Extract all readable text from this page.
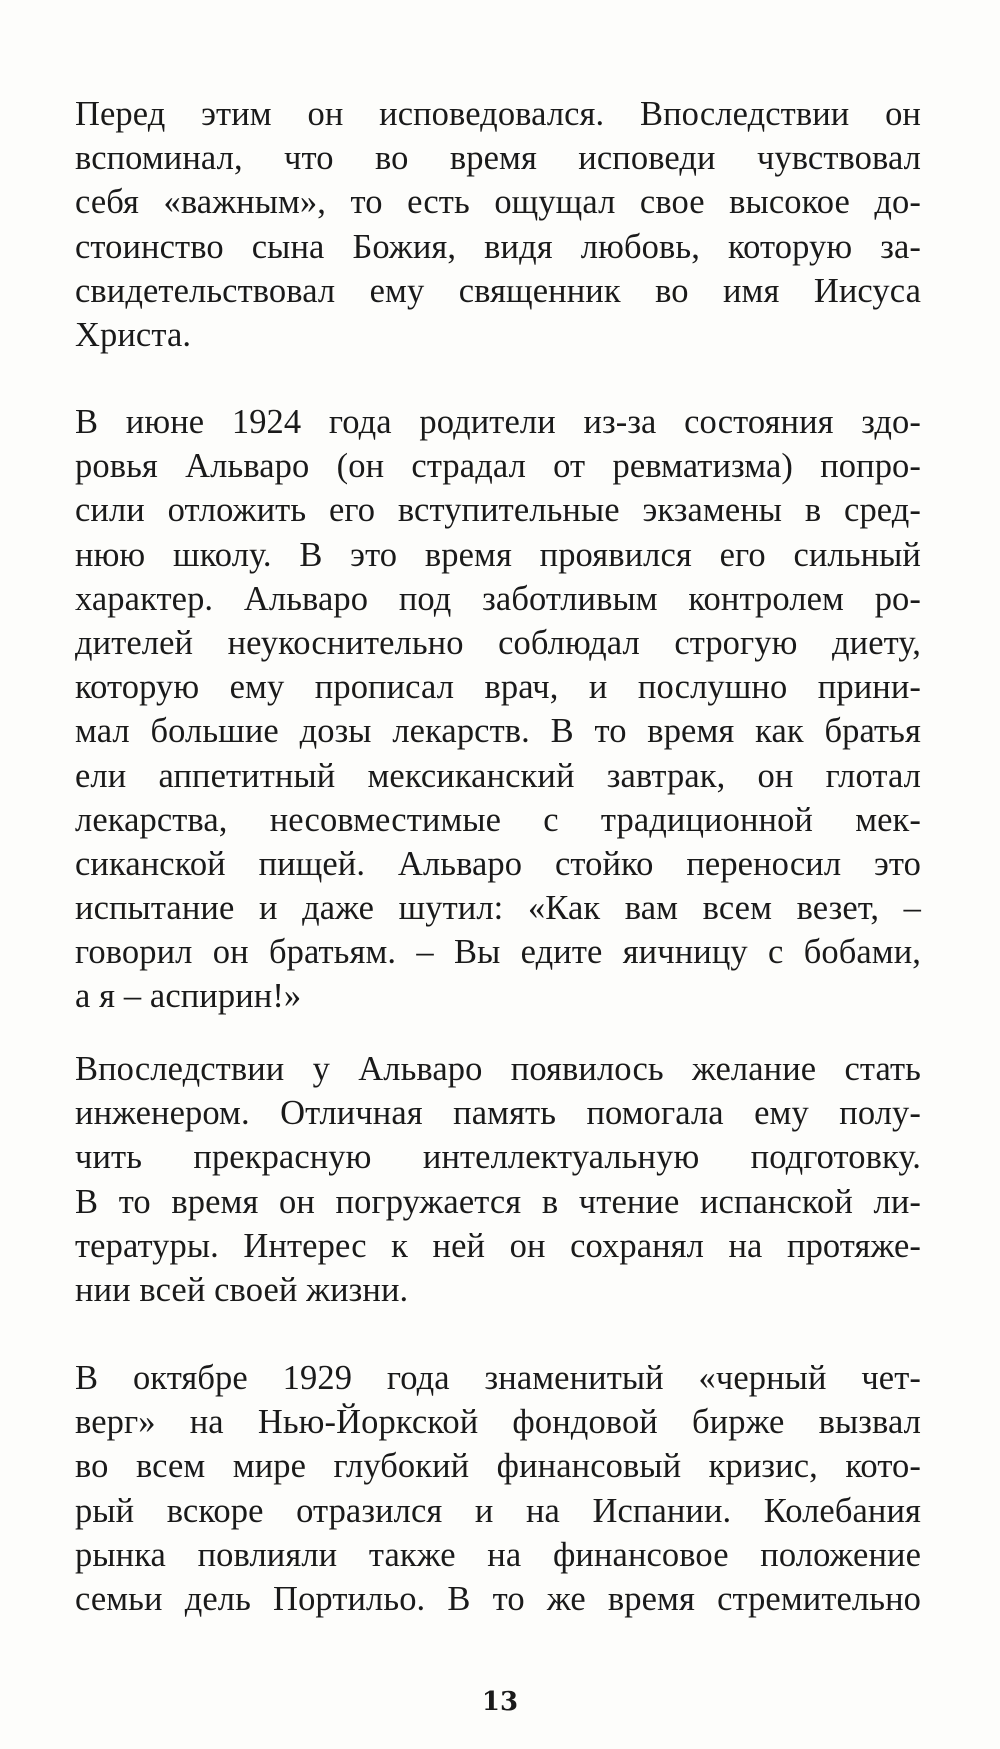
Перед этим он исповедовался. Впоследствии он
вспоминал, что во время исповеди чувствовал
себя «важным», то есть ощущал свое высокое до-
стоинство сына Божия, видя любовь, которую за-
свидетельствовал ему священник во имя Иисуса
Христа.
В июне 1924 года родители из-за состояния здо-
ровья Альваро (он страдал от ревматизма) попро-
сили отложить его вступительные экзамены в сред-
нюю школу. В это время проявился его сильный
характер. Альваро под заботливым контролем ро-
дителей неукоснительно соблюдал строгую диету,
которую ему прописал врач, и послушно прини-
мал большие дозы лекарств. В то время как братья
ели аппетитный мексиканский завтрак, он глотал
лекарства, несовместимые с традиционной мек-
сиканской пищей. Альваро стойко переносил это
испытание и даже шутил: «Как вам всем везет, –
говорил он братьям. – Вы едите яичницу с бобами,
а я – аспирин!»
Впоследствии у Альваро появилось желание стать
инженером. Отличная память помогала ему полу-
чить прекрасную интеллектуальную подготовку.
В то время он погружается в чтение испанской ли-
тературы. Интерес к ней он сохранял на протяже-
нии всей своей жизни.
В октябре 1929 года знаменитый «черный чет-
верг» на Нью-Йоркской фондовой бирже вызвал
во всем мире глубокий финансовый кризис, кото-
рый вскоре отразился и на Испании. Колебания
рынка повлияли также на финансовое положение
семьи дель Портильо. В то же время стремительно
13
